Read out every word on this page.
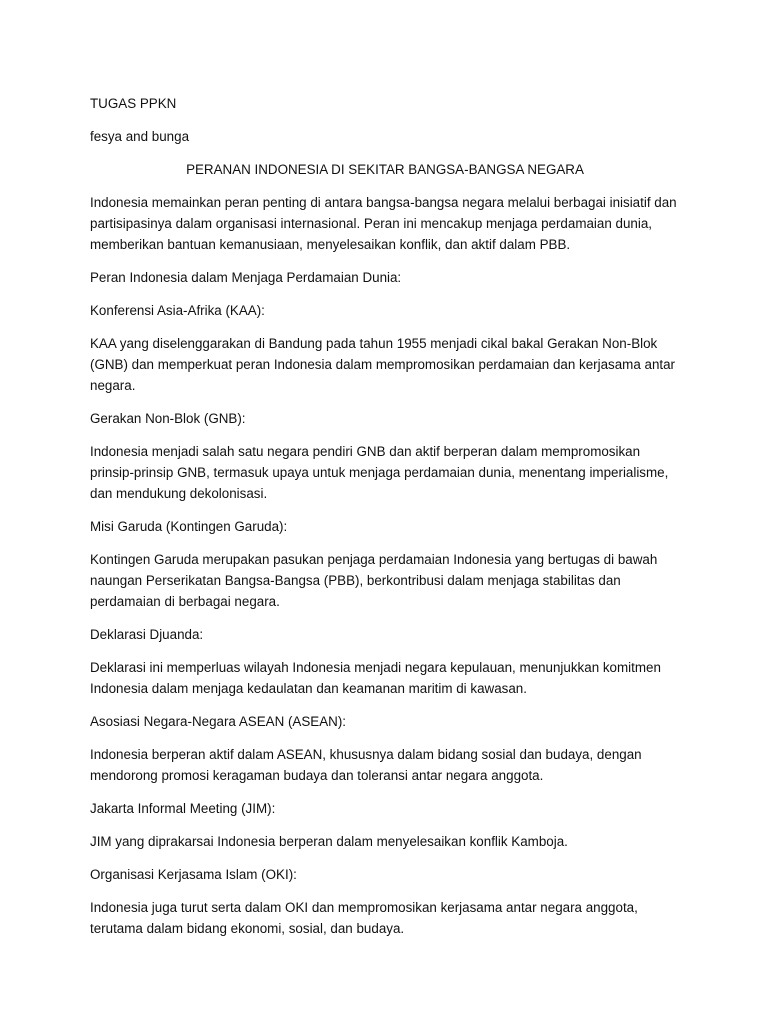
TUGAS PPKN

fesya and bunga

PERANAN INDONESIA DI SEKITAR BANGSA-BANGSA NEGARA

Indonesia memainkan peran penting di antara bangsa-bangsa negara melalui berbagai inisiatif dan partisipasinya dalam organisasi internasional. Peran ini mencakup menjaga perdamaian dunia, memberikan bantuan kemanusiaan, menyelesaikan konflik, dan aktif dalam PBB.

Peran Indonesia dalam Menjaga Perdamaian Dunia:

Konferensi Asia-Afrika (KAA):

KAA yang diselenggarakan di Bandung pada tahun 1955 menjadi cikal bakal Gerakan Non-Blok (GNB) dan memperkuat peran Indonesia dalam mempromosikan perdamaian dan kerjasama antar negara.

Gerakan Non-Blok (GNB):

Indonesia menjadi salah satu negara pendiri GNB dan aktif berperan dalam mempromosikan prinsip-prinsip GNB, termasuk upaya untuk menjaga perdamaian dunia, menentang imperialisme, dan mendukung dekolonisasi.

Misi Garuda (Kontingen Garuda):

Kontingen Garuda merupakan pasukan penjaga perdamaian Indonesia yang bertugas di bawah naungan Perserikatan Bangsa-Bangsa (PBB), berkontribusi dalam menjaga stabilitas dan perdamaian di berbagai negara.

Deklarasi Djuanda:

Deklarasi ini memperluas wilayah Indonesia menjadi negara kepulauan, menunjukkan komitmen Indonesia dalam menjaga kedaulatan dan keamanan maritim di kawasan.

Asosiasi Negara-Negara ASEAN (ASEAN):

Indonesia berperan aktif dalam ASEAN, khususnya dalam bidang sosial dan budaya, dengan mendorong promosi keragaman budaya dan toleransi antar negara anggota.

Jakarta Informal Meeting (JIM):

JIM yang diprakarsai Indonesia berperan dalam menyelesaikan konflik Kamboja.

Organisasi Kerjasama Islam (OKI):

Indonesia juga turut serta dalam OKI dan mempromosikan kerjasama antar negara anggota, terutama dalam bidang ekonomi, sosial, dan budaya.
